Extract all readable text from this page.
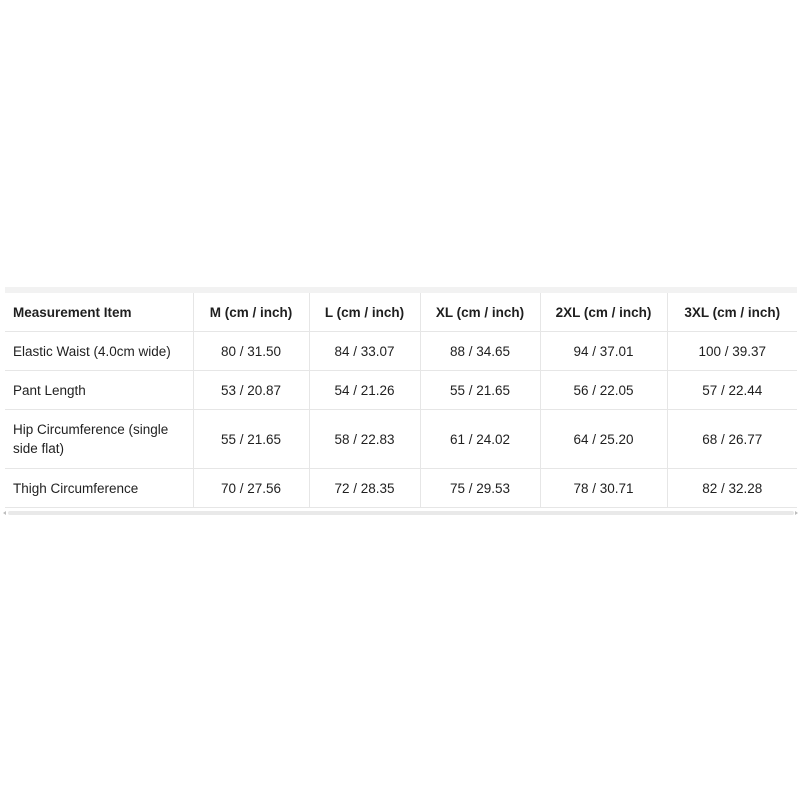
Measurement Item	M (cm / inch)	L (cm / inch)	XL (cm / inch)	2XL (cm / inch)	3XL (cm / inch)
Elastic Waist (4.0cm wide)	80 / 31.50	84 / 33.07	88 / 34.65	94 / 37.01	100 / 39.37
Pant Length	53 / 20.87	54 / 21.26	55 / 21.65	56 / 22.05	57 / 22.44
Hip Circumference (single side flat)	55 / 21.65	58 / 22.83	61 / 24.02	64 / 25.20	68 / 26.77
Thigh Circumference	70 / 27.56	72 / 28.35	75 / 29.53	78 / 30.71	82 / 32.28
